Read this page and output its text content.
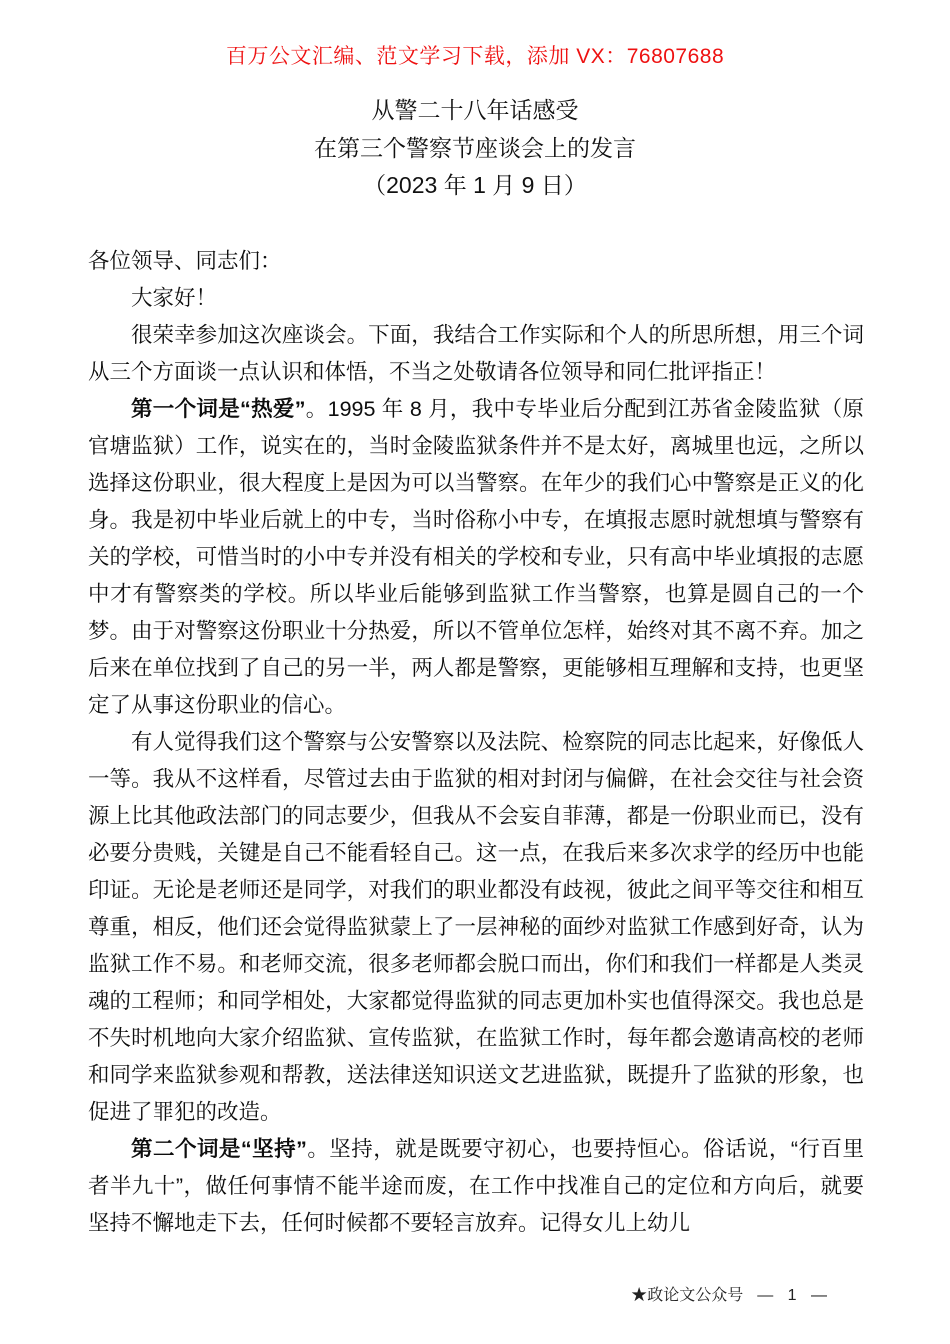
百万公文汇编、范文学习下载，添加 VX：76807688
从警二十八年话感受
在第三个警察节座谈会上的发言
（2023 年 1 月 9 日）

各位领导、同志们：

大家好！

很荣幸参加这次座谈会。下面，我结合工作实际和个人的所思所想，用三个词从三个方面谈一点认识和体悟，不当之处敬请各位领导和同仁批评指正！

第一个词是“热爱”。1995 年 8 月，我中专毕业后分配到江苏省金陵监狱（原官塘监狱）工作，说实在的，当时金陵监狱条件并不是太好，离城里也远，之所以选择这份职业，很大程度上是因为可以当警察。在年少的我们心中警察是正义的化身。我是初中毕业后就上的中专，当时俗称小中专，在填报志愿时就想填与警察有关的学校，可惜当时的小中专并没有相关的学校和专业，只有高中毕业填报的志愿中才有警察类的学校。所以毕业后能够到监狱工作当警察，也算是圆自己的一个梦。由于对警察这份职业十分热爱，所以不管单位怎样，始终对其不离不弃。加之后来在单位找到了自己的另一半，两人都是警察，更能够相互理解和支持，也更坚定了从事这份职业的信心。

有人觉得我们这个警察与公安警察以及法院、检察院的同志比起来，好像低人一等。我从不这样看，尽管过去由于监狱的相对封闭与偏僻，在社会交往与社会资源上比其他政法部门的同志要少，但我从不会妄自菲薄，都是一份职业而已，没有必要分贵贱，关键是自己不能看轻自己。这一点，在我后来多次求学的经历中也能印证。无论是老师还是同学，对我们的职业都没有歧视，彼此之间平等交往和相互尊重，相反，他们还会觉得监狱蒙上了一层神秘的面纱对监狱工作感到好奇，认为监狱工作不易。和老师交流，很多老师都会脱口而出，你们和我们一样都是人类灵魂的工程师；和同学相处，大家都觉得监狱的同志更加朴实也值得深交。我也总是不失时机地向大家介绍监狱、宣传监狱，在监狱工作时，每年都会邀请高校的老师和同学来监狱参观和帮教，送法律送知识送文艺进监狱，既提升了监狱的形象，也促进了罪犯的改造。

第二个词是“坚持”。坚持，就是既要守初心，也要持恒心。俗话说，“行百里者半九十”，做任何事情不能半途而废，在工作中找准自己的定位和方向后，就要坚持不懈地走下去，任何时候都不要轻言放弃。记得女儿上幼儿

★政论文公众号 — 1 —
